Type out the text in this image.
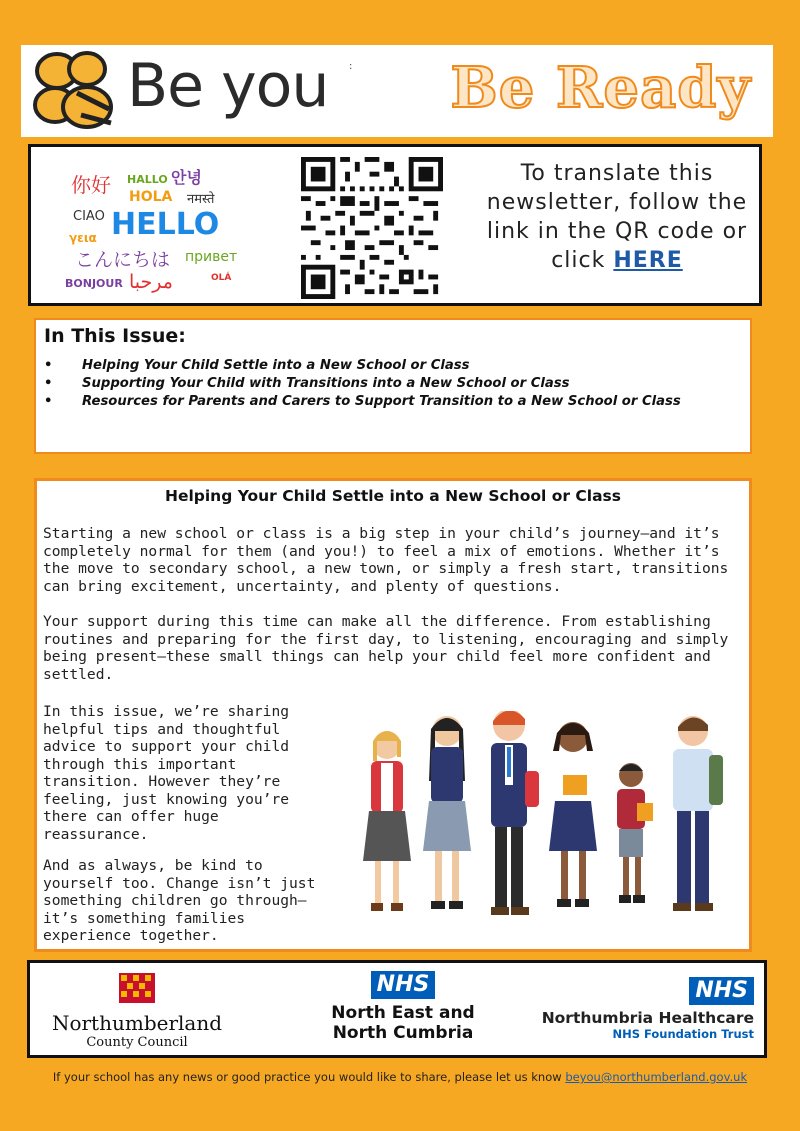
Be you : Be Ready
你好 HALLO 안녕
HOLA नमस्ते
CIAO HELLO
γεια
こんにちは привет
BONJOUR مرحبا	OLÁ
To translate this newsletter, follow the link in the QR code or click HERE
In This Issue:
• Helping Your Child Settle into a New School or Class
• Supporting Your Child with Transitions into a New School or Class
• Resources for Parents and Carers to Support Transition to a New School or Class
Helping Your Child Settle into a New School or Class
Starting a new school or class is a big step in your child’s journey—and it’s completely normal for them (and you!) to feel a mix of emotions. Whether it’s the move to secondary school, a new town, or simply a fresh start, transitions can bring excitement, uncertainty, and plenty of questions.
Your support during this time can make all the difference. From establishing routines and preparing for the first day, to listening, encouraging and simply being present—these small things can help your child feel more confident and settled.
In this issue, we’re sharing helpful tips and thoughtful advice to support your child through this important transition. However they’re feeling, just knowing you’re there can offer huge reassurance.
And as always, be kind to yourself too. Change isn’t just something children go through—it’s something families experience together.
Northumberland
County Council
NHS
North East and
North Cumbria
NHS
Northumbria Healthcare
NHS Foundation Trust
If your school has any news or good practice you would like to share, please let us know beyou@northumberland.gov.uk
